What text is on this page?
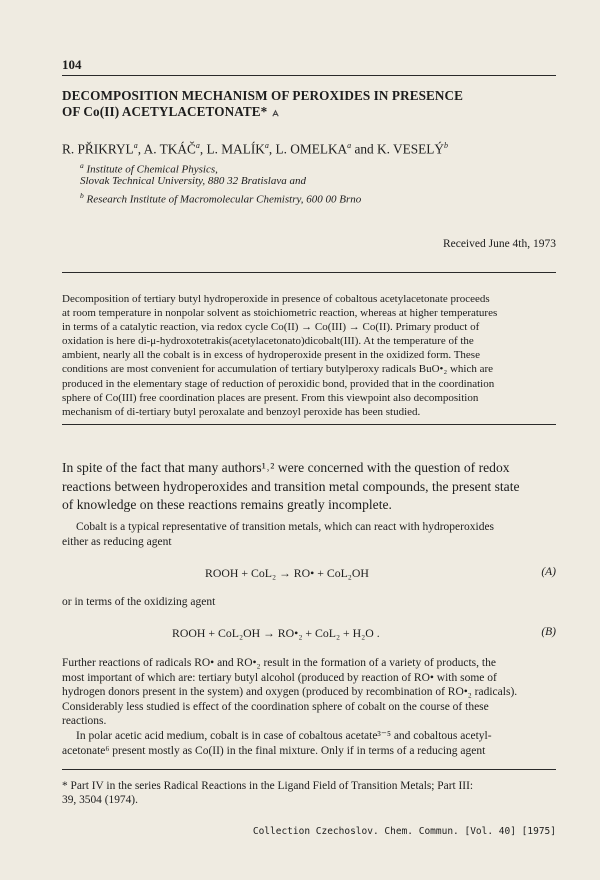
104
DECOMPOSITION MECHANISM OF PEROXIDES IN PRESENCE
OF Co(II) ACETYLACETONATE*
R. PŘIKRYL$^a$, A. TKÁČ$^a$, L. MALÍK$^a$, L. OMELKA$^a$ and K. VESELÝ$^b$
$^a$ Institute of Chemical Physics,
Slovak Technical University, 880 32 Bratislava and
$^b$ Research Institute of Macromolecular Chemistry, 600 00 Brno
Received June 4th, 1973
Decomposition of tertiary butyl hydroperoxide in presence of cobaltous acetylacetonate proceeds
at room temperature in nonpolar solvent as stoichiometric reaction, whereas at higher temperatures
in terms of a catalytic reaction, via redox cycle Co(II) → Co(III) → Co(II). Primary product of
oxidation is here di-μ-hydroxotetrakis(acetylacetonato)dicobalt(III). At the temperature of the
ambient, nearly all the cobalt is in excess of hydroperoxide present in the oxidized form. These
conditions are most convenient for accumulation of tertiary butylperoxy radicals BuO•₂ which are
produced in the elementary stage of reduction of peroxidic bond, provided that in the coordination
sphere of Co(III) free coordination places are present. From this viewpoint also decomposition
mechanism of di-tertiary butyl peroxalate and benzoyl peroxide has been studied.
In spite of the fact that many authors¹˒² were concerned with the question of redox
reactions between hydroperoxides and transition metal compounds, the present state
of knowledge on these reactions remains greatly incomplete.
Cobalt is a typical representative of transition metals, which can react with hydroperoxides
either as reducing agent
ROOH + CoL₂ → RO• + CoL₂OH	(A)
or in terms of the oxidizing agent
ROOH + CoL₂OH → RO•₂ + CoL₂ + H₂O .	(B)
Further reactions of radicals RO• and RO•₂ result in the formation of a variety of products, the
most important of which are: tertiary butyl alcohol (produced by reaction of RO• with some of
hydrogen donors present in the system) and oxygen (produced by recombination of RO•₂ radicals).
Considerably less studied is effect of the coordination sphere of cobalt on the course of these
reactions.
In polar acetic acid medium, cobalt is in case of cobaltous acetate³⁻⁵ and cobaltous acetyl-
acetonate⁶ present mostly as Co(II) in the final mixture. Only if in terms of a reducing agent
* Part IV in the series Radical Reactions in the Ligand Field of Transition Metals; Part III:
39, 3504 (1974).
Collection Czechoslov. Chem. Commun. [Vol. 40] [1975]
